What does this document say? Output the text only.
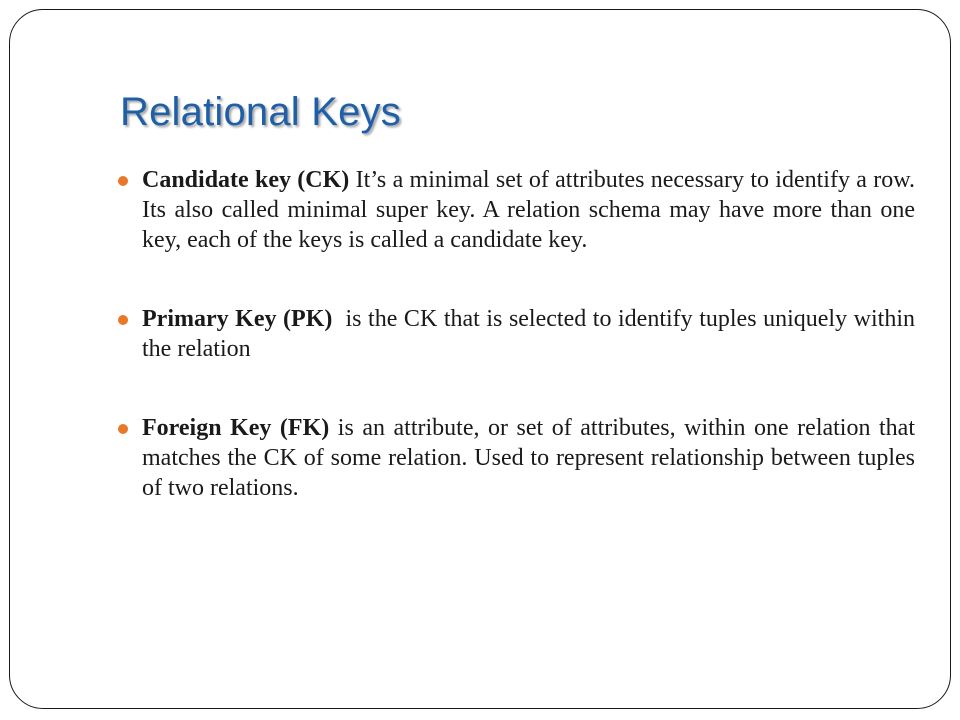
Relational Keys
Candidate key (CK) It’s a minimal set of attributes necessary to identify a row. Its also called minimal super key. A relation schema may have more than one key, each of the keys is called a candidate key.
Primary Key (PK)  is the CK that is selected to identify tuples uniquely within the relation
Foreign Key (FK) is an attribute, or set of attributes, within one relation that matches the CK of some relation. Used to represent relationship between tuples of two relations.
